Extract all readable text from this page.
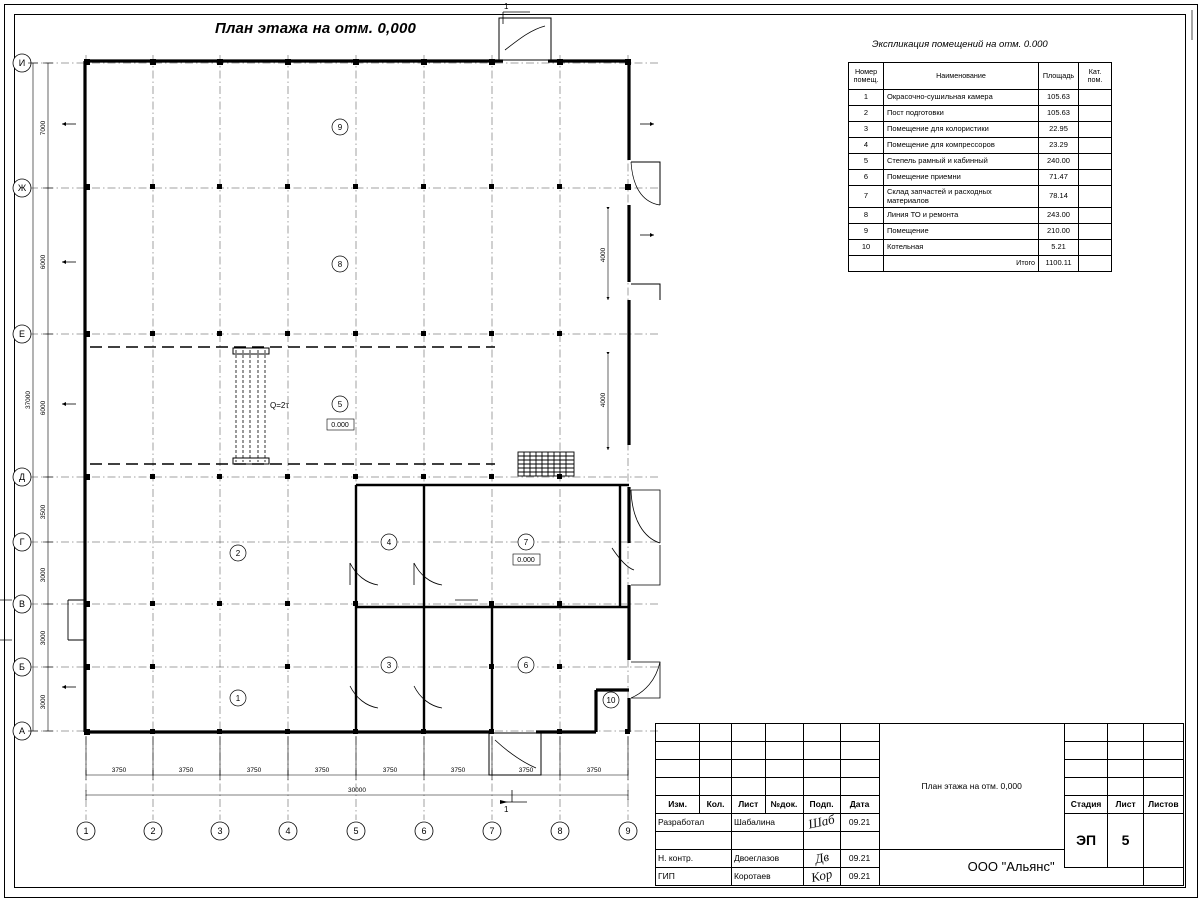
План этажа на отм. 0,000
Экспликация помещений на отм. 0.000
Номер помещ.	Наименование	Площадь	Кат. пом.
1	Окрасочно-сушильная камера	105.63	
2	Пост подготовки	105.63	
3	Помещение для колористики	22.95	
4	Помещение для компрессоров	23.29	
5	Степель рамный и кабинный	240.00	
6	Помещение приемни	71.47	
7	Склад запчастей и расходных материалов	78.14	
8	Линия ТО и ремонта	243.00	
9	Помещение	210.00	
10	Котельная	5.21	
	Итого	1100.11	
И
Ж
Е
Д
Г
В
Б
А
1	2	3	4	5	6	7	8	9
1
2
3
4
5
6
7
8
9
10
0.000
0.000
Q=2т
1
1
3750	3750	3750	3750	3750	3750	3750	3750
30000
7000
6000
6000
3500
3000
3000
3000
37000
4000
4000
						План этажа на отм. 0,000			

Изм.	Кол.	Лист	№док.	Подп.	Дата		Стадия	Лист	Листов
Разработал		Шабалина		Шаб	09.21		ЭП	5	

Н. контр.		Двоеглазов		Дв	09.21	ООО "Альянс"			
ГИП		Коротаев		Кор	09.21				
